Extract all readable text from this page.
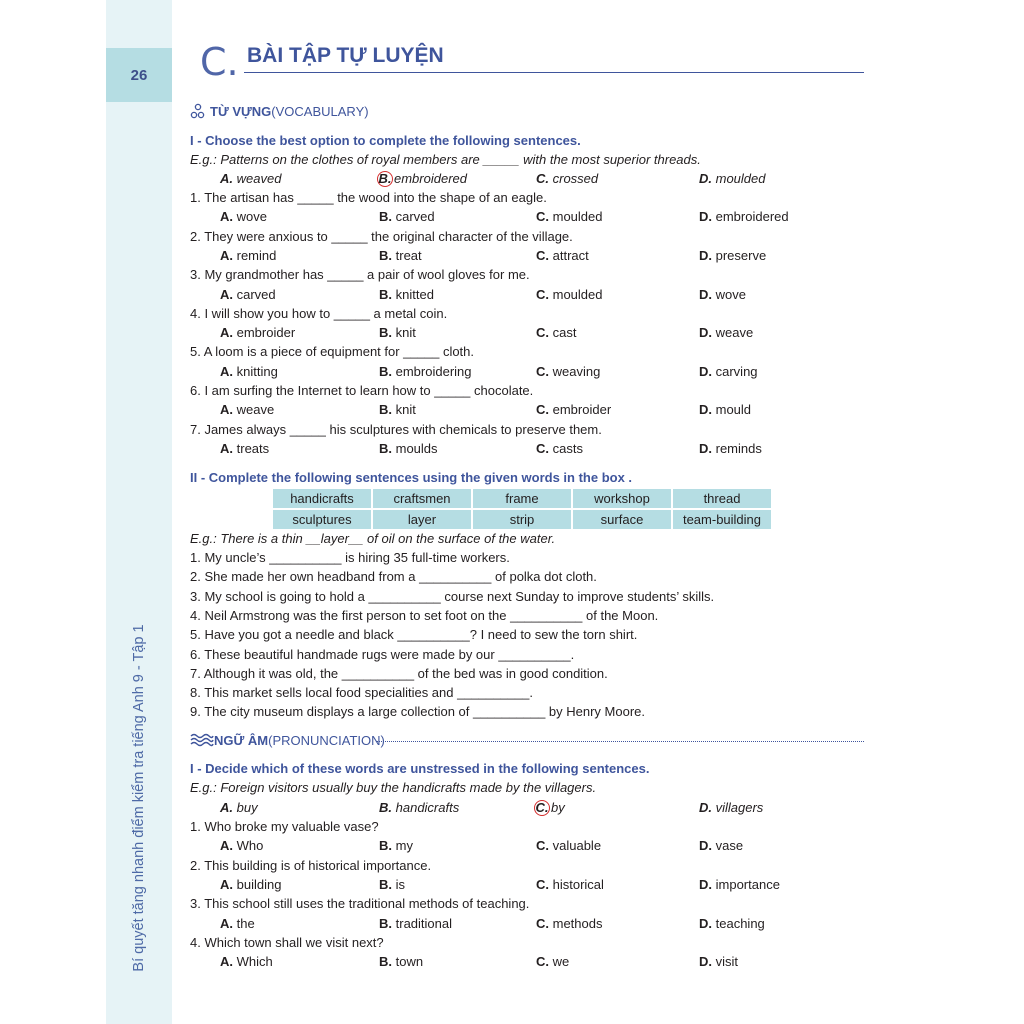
26
Bí quyết tăng nhanh điểm kiểm tra tiếng Anh 9 - Tập 1
C. BÀI TẬP TỰ LUYỆN
TỪ VỰNG (VOCABULARY)
I - Choose the best option to complete the following sentences.
E.g.: Patterns on the clothes of royal members are _____ with the most superior threads.
A. weaved	B. embroidered	C. crossed	D. moulded
1. The artisan has _____ the wood into the shape of an eagle.
A. wove	B. carved	C. moulded	D. embroidered
2. They were anxious to _____ the original character of the village.
A. remind	B. treat	C. attract	D. preserve
3. My grandmother has _____ a pair of wool gloves for me.
A. carved	B. knitted	C. moulded	D. wove
4. I will show you how to _____ a metal coin.
A. embroider	B. knit	C. cast	D. weave
5. A loom is a piece of equipment for _____ cloth.
A. knitting	B. embroidering	C. weaving	D. carving
6. I am surfing the Internet to learn how to _____ chocolate.
A. weave	B. knit	C. embroider	D. mould
7. James always _____ his sculptures with chemicals to preserve them.
A. treats	B. moulds	C. casts	D. reminds
II - Complete the following sentences using the given words in the box .
handicrafts	craftsmen	frame	workshop	thread
sculptures	layer	strip	surface	team-building
E.g.: There is a thin __layer__ of oil on the surface of the water.
1. My uncle’s __________ is hiring 35 full-time workers.
2. She made her own headband from a __________ of polka dot cloth.
3. My school is going to hold a __________ course next Sunday to improve students’ skills.
4. Neil Armstrong was the first person to set foot on the __________ of the Moon.
5. Have you got a needle and black __________? I need to sew the torn shirt.
6. These beautiful handmade rugs were made by our __________.
7. Although it was old, the __________ of the bed was in good condition.
8. This market sells local food specialities and __________.
9. The city museum displays a large collection of __________ by Henry Moore.
NGỮ ÂM (PRONUNCIATION)
I - Decide which of these words are unstressed in the following sentences.
E.g.: Foreign visitors usually buy the handicrafts made by the villagers.
A. buy	B. handicrafts	C. by	D. villagers
1. Who broke my valuable vase?
A. Who	B. my	C. valuable	D. vase
2. This building is of historical importance.
A. building	B. is	C. historical	D. importance
3. This school still uses the traditional methods of teaching.
A. the	B. traditional	C. methods	D. teaching
4. Which town shall we visit next?
A. Which	B. town	C. we	D. visit
